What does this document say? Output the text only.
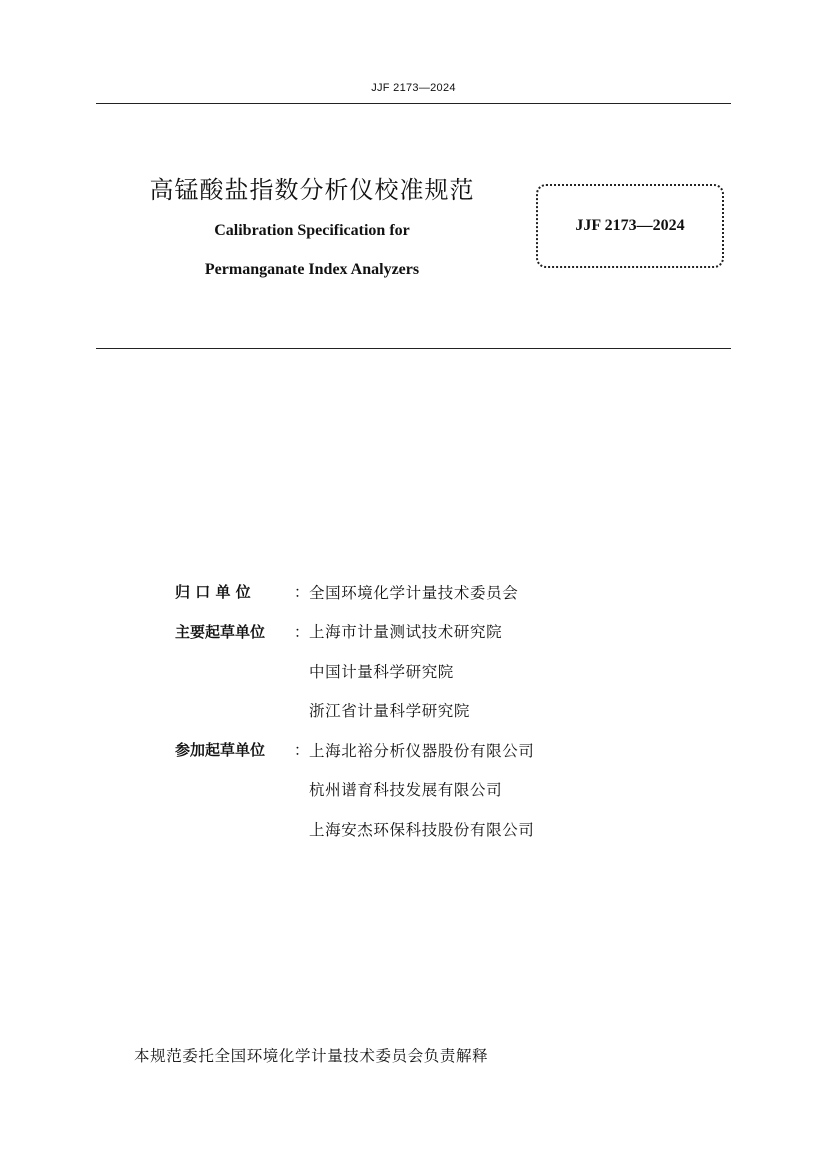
JJF 2173—2024
高锰酸盐指数分析仪校准规范
Calibration Specification for
Permanganate Index Analyzers
JJF 2173—2024
归 口 单 位	： 全国环境化学计量技术委员会
主要起草单位	： 上海市计量测试技术研究院
中国计量科学研究院
浙江省计量科学研究院
参加起草单位	： 上海北裕分析仪器股份有限公司
杭州谱育科技发展有限公司
上海安杰环保科技股份有限公司
本规范委托全国环境化学计量技术委员会负责解释
